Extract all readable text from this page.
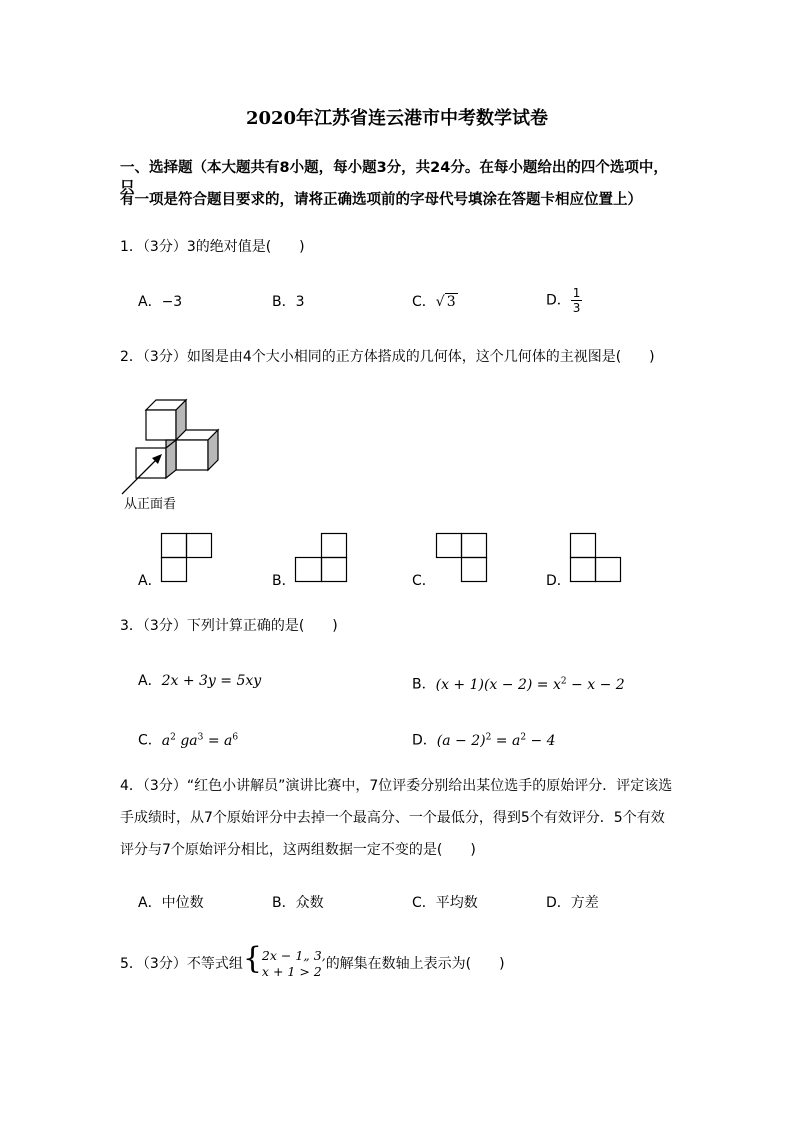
2020年江苏省连云港市中考数学试卷
一、选择题（本大题共有8小题，每小题3分，共24分。在每小题给出的四个选项中，只
有一项是符合题目要求的，请将正确选项前的字母代号填涂在答题卡相应位置上）
1．（3分）3的绝对值是(　　)
A．−3	B．3	C．√ 3	D． $\frac{1}{3}$
2．（3分）如图是由4个大小相同的正方体搭成的几何体，这个几何体的主视图是(　　)
从正面看
A．	B．	C．	D．
3．（3分）下列计算正确的是(　　)
A．2x + 3y = 5xy	B．$(x + 1)(x - 2) = x^2 - x - 2$
C．$a^2$ $ga^3 = a^6$	D．$(a - 2)^2 = a^2 - 4$
4．（3分）“红色小讲解员”演讲比赛中，7位评委分别给出某位选手的原始评分．评定该选
手成绩时，从7个原始评分中去掉一个最高分、一个最低分，得到5个有效评分．5个有效
评分与7个原始评分相比，这两组数据一定不变的是(　　)
A．中位数	B．众数	C．平均数	D．方差
5．（3分）不等式组{ 2x − 1„ 3,
x + 1 > 2 的解集在数轴上表示为(　　)
